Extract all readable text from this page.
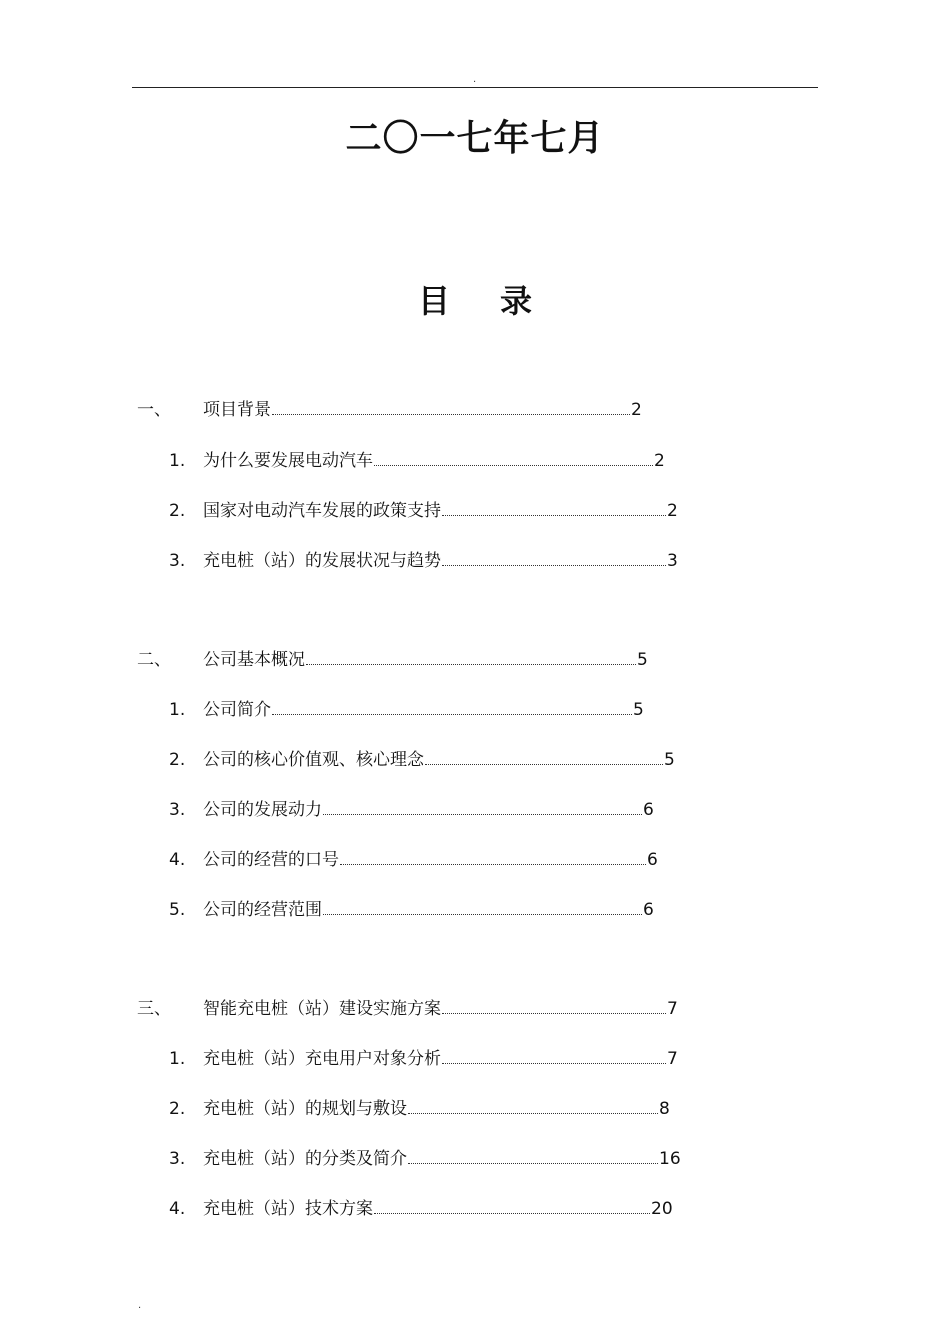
.
二〇一七年七月
目录
一、 项目背景	2
1. 为什么要发展电动汽车	2
2. 国家对电动汽车发展的政策支持	2
3. 充电桩（站）的发展状况与趋势	3
二、 公司基本概况	5
1. 公司简介	5
2. 公司的核心价值观、核心理念	5
3. 公司的发展动力	6
4. 公司的经营的口号	6
5. 公司的经营范围	6
三、 智能充电桩（站）建设实施方案	7
1. 充电桩（站）充电用户对象分析	7
2. 充电桩（站）的规划与敷设	8
3. 充电桩（站）的分类及简介	16
4. 充电桩（站）技术方案	20
.
